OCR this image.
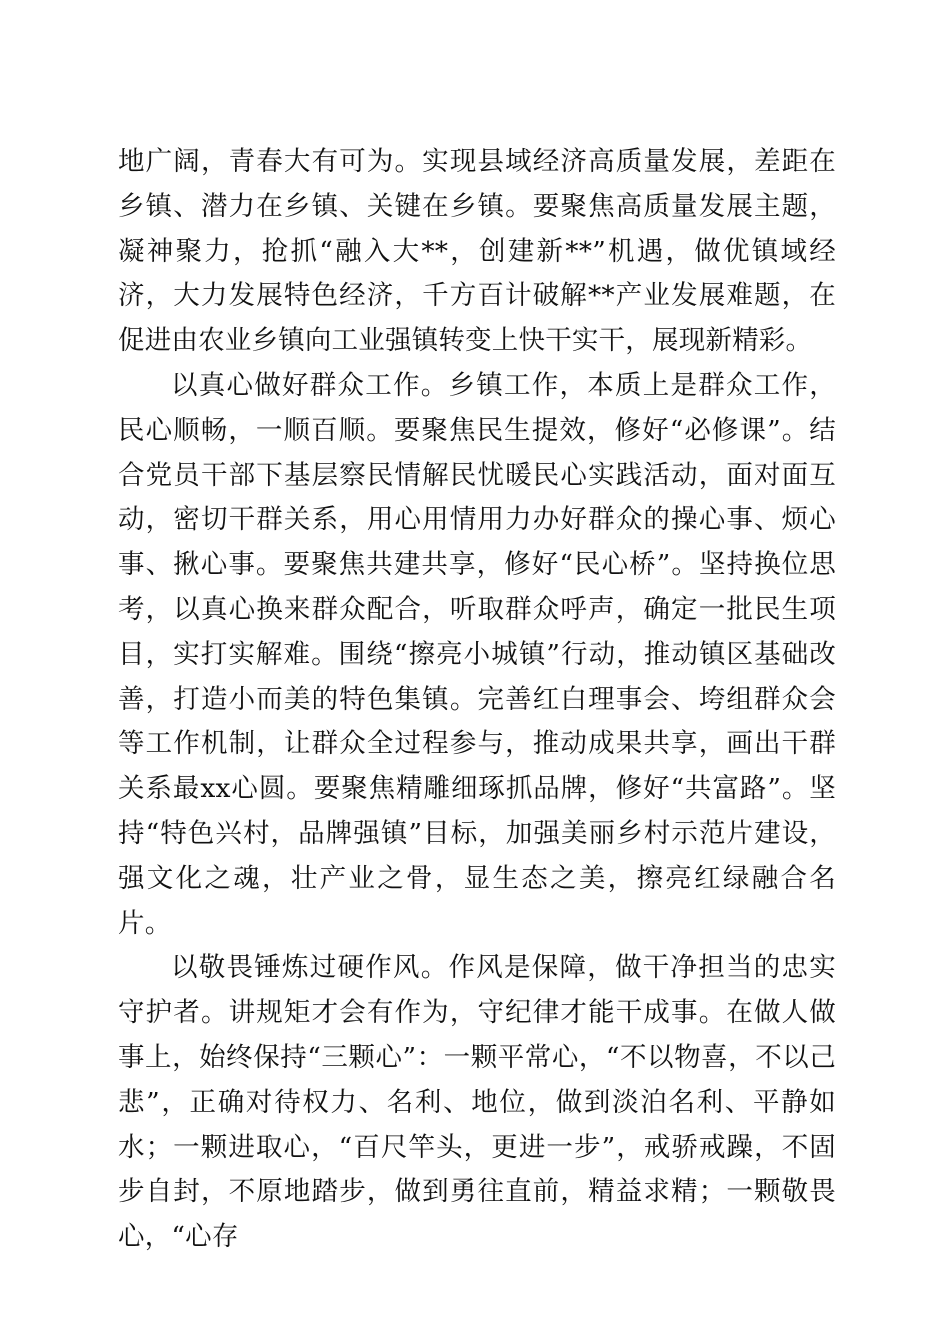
地广阔，青春大有可为。实现县域经济高质量发展，差距在乡镇、潜力在乡镇、关键在乡镇。要聚焦高质量发展主题，凝神聚力，抢抓“融入大**，创建新**”机遇，做优镇域经济，大力发展特色经济，千方百计破解**产业发展难题，在促进由农业乡镇向工业强镇转变上快干实干，展现新精彩。

以真心做好群众工作。乡镇工作，本质上是群众工作，民心顺畅，一顺百顺。要聚焦民生提效，修好“必修课”。结合党员干部下基层察民情解民忧暖民心实践活动，面对面互动，密切干群关系，用心用情用力办好群众的操心事、烦心事、揪心事。要聚焦共建共享，修好“民心桥”。坚持换位思考，以真心换来群众配合，听取群众呼声，确定一批民生项目，实打实解难。围绕“擦亮小城镇”行动，推动镇区基础改善，打造小而美的特色集镇。完善红白理事会、垮组群众会等工作机制，让群众全过程参与，推动成果共享，画出干群关系最xx心圆。要聚焦精雕细琢抓品牌，修好“共富路”。坚持“特色兴村，品牌强镇”目标，加强美丽乡村示范片建设，强文化之魂，壮产业之骨，显生态之美，擦亮红绿融合名片。

以敬畏锤炼过硬作风。作风是保障，做干净担当的忠实守护者。讲规矩才会有作为，守纪律才能干成事。在做人做事上，始终保持“三颗心”：一颗平常心，“不以物喜，不以己悲”，正确对待权力、名利、地位，做到淡泊名利、平静如水；一颗进取心，“百尺竿头，更进一步”，戒骄戒躁，不固步自封，不原地踏步，做到勇往直前，精益求精；一颗敬畏心，“心存
